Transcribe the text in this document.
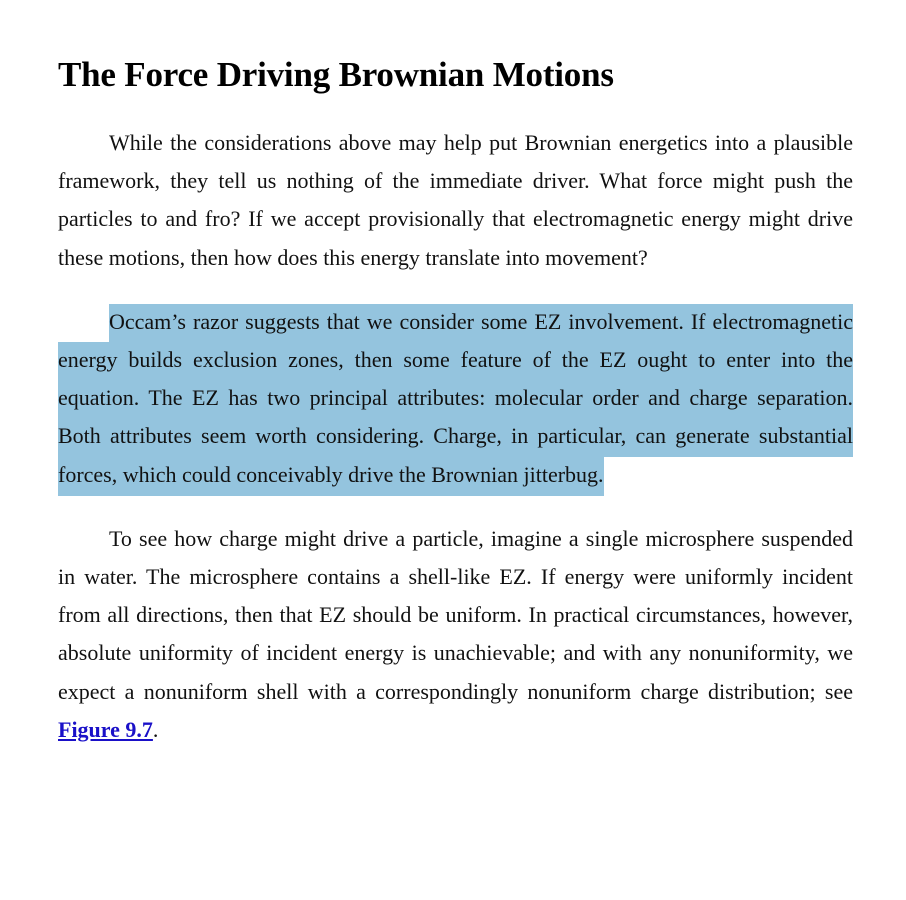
The Force Driving Brownian Motions

While the considerations above may help put Brownian energetics into a plausible framework, they tell us nothing of the immediate driver. What force might push the particles to and fro? If we accept provisionally that electromagnetic energy might drive these motions, then how does this energy translate into movement?

Occam’s razor suggests that we consider some EZ involvement. If electromagnetic energy builds exclusion zones, then some feature of the EZ ought to enter into the equation. The EZ has two principal attributes: molecular order and charge separation. Both attributes seem worth considering. Charge, in particular, can generate substantial forces, which could conceivably drive the Brownian jitterbug.

To see how charge might drive a particle, imagine a single microsphere suspended in water. The microsphere contains a shell-like EZ. If energy were uniformly incident from all directions, then that EZ should be uniform. In practical circumstances, however, absolute uniformity of incident energy is unachievable; and with any nonuniformity, we expect a nonuniform shell with a correspondingly nonuniform charge distribution; see Figure 9.7.
